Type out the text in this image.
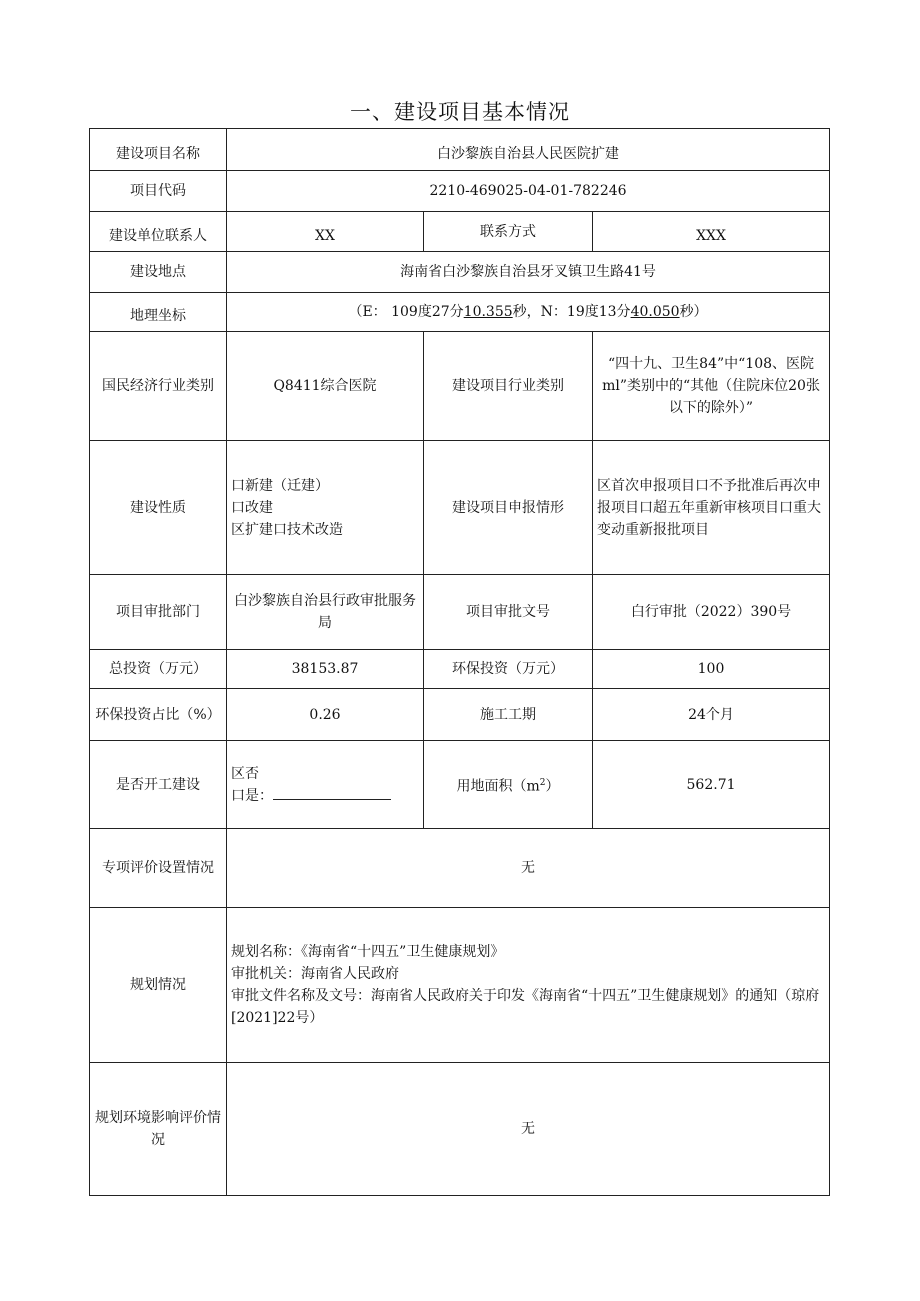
一、建设项目基本情况
建设项目名称	白沙黎族自治县人民医院扩建		
项目代码	2210-469025-04-01-782246		
建设单位联系人	XX	联系方式	XXX
建设地点	海南省白沙黎族自治县牙叉镇卫生路41号		
地理坐标	（E： 109度27分10.355秒，N：19度13分40.050秒）		
国民经济行业类别	Q8411综合医院	建设项目行业类别	“四十九、卫生84”中“108、医院ml”类别中的“其他（住院床位20张以下的除外）”
建设性质	口新建（迁建）
口改建
区扩建口技术改造	建设项目申报情形	区首次申报项目口不予批准后再次申报项目口超五年重新审核项目口重大变动重新报批项目
项目审批部门	白沙黎族自治县行政审批服务局	项目审批文号	白行审批（2022）390号
总投资（万元）	38153.87	环保投资（万元）	100
环保投资占比（%）	0.26	施工工期	24个月
是否开工建设	区否
口是：	用地面积$(m^2)$	562.71
专项评价设置情况	无		
规划情况	规划名称：《海南省“十四五”卫生健康规划》
审批机关：海南省人民政府
审批文件名称及文号：海南省人民政府关于印发《海南省“十四五”卫生健康规划》的通知（琼府[2021]22号）		

规划环境影响评价情况	无		
